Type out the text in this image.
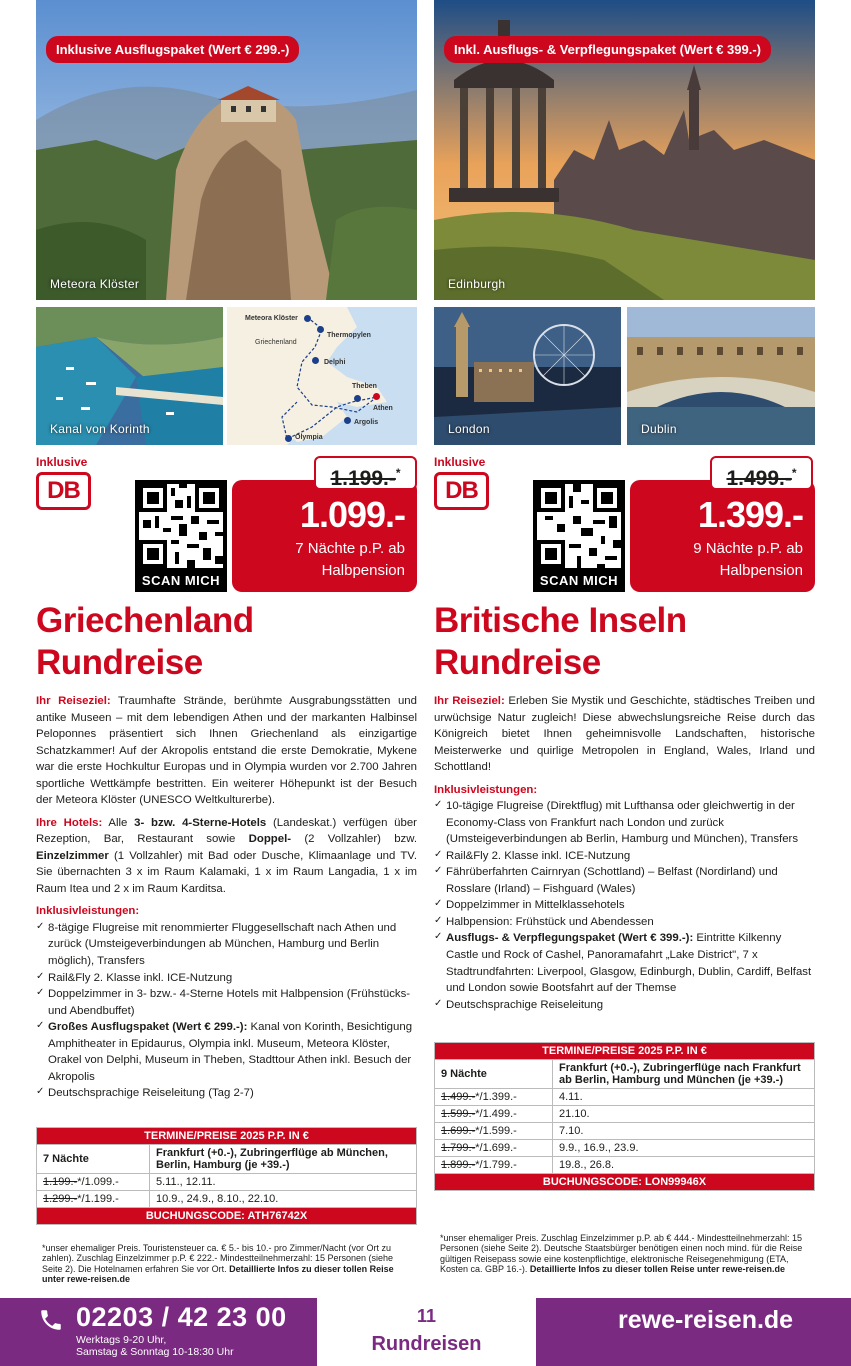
Inklusive Ausflugspaket (Wert € 299.-)
Meteora Klöster
Kanal von Korinth
Meteora Klöster
Thermopylen
Griechenland
Delphi
Theben
Athen
Argolis
Olympia
Inklusive
DB
SCAN MICH
1.099.-
7 Nächte p.P. ab
Halbpension
1.199.-*
Griechenland
Rundreise

Ihr Reiseziel: Traumhafte Strände, berühmte Ausgrabungsstätten und antike Museen – mit dem lebendigen Athen und der markanten Halbinsel Peloponnes präsentiert sich Ihnen Griechenland als einzigartige Schatzkammer! Auf der Akropolis entstand die erste Demokratie, Mykene war die erste Hochkultur Europas und in Olympia wurden vor 2.700 Jahren sportliche Wettkämpfe bestritten. Ein weiterer Höhepunkt ist der Besuch der Meteora Klöster (UNESCO Weltkulturerbe).

Ihre Hotels: Alle 3- bzw. 4-Sterne-Hotels (Landeskat.) verfügen über Rezeption, Bar, Restaurant sowie Doppel- (2 Vollzahler) bzw. Einzelzimmer (1 Vollzahler) mit Bad oder Dusche, Klimaanlage und TV. Sie übernachten 3 x im Raum Kalamaki, 1 x im Raum Langadia, 1 x im Raum Itea und 2 x im Raum Karditsa.

Inklusivleistungen:
✓ 8-tägige Flugreise mit renommierter Fluggesellschaft nach Athen und zurück (Umsteigeverbindungen ab München, Hamburg und Berlin möglich), Transfers
✓ Rail&Fly 2. Klasse inkl. ICE-Nutzung
✓ Doppelzimmer in 3- bzw.- 4-Sterne Hotels mit Halbpension (Frühstücks- und Abendbuffet)
✓ Großes Ausflugspaket (Wert € 299.-): Kanal von Korinth, Besichtigung Amphitheater in Epidaurus, Olympia inkl. Museum, Meteora Klöster, Orakel von Delphi, Museum in Theben, Stadttour Athen inkl. Besuch der Akropolis
✓ Deutschsprachige Reiseleitung (Tag 2-7)
TERMINE/PREISE 2025 P.P. IN €	
7 Nächte	Frankfurt (+0.-), Zubringerflüge ab München, Berlin, Hamburg (je +39.-)
1.199.-*/1.099.-	5.11., 12.11.
1.299.-*/1.199.-	10.9., 24.9., 8.10., 22.10.
BUCHUNGSCODE: ATH76742X	
*unser ehemaliger Preis. Touristensteuer ca. € 5.- bis 10.- pro Zimmer/Nacht (vor Ort zu zahlen). Zuschlag Einzelzimmer p.P. € 222.- Mindestteilnehmerzahl: 15 Personen (siehe Seite 2). Die Hotelnamen erfahren Sie vor Ort. Detaillierte Infos zu dieser tollen Reise unter rewe-reisen.de
Inkl. Ausflugs- & Verpflegungspaket (Wert € 399.-)
Edinburgh
London	Dublin
Inklusive
DB
SCAN MICH
1.399.-
9 Nächte p.P. ab
Halbpension
1.499.-*
Britische Inseln
Rundreise

Ihr Reiseziel: Erleben Sie Mystik und Geschichte, städtisches Treiben und urwüchsige Natur zugleich! Diese abwechslungsreiche Reise durch das Königreich bietet Ihnen geheimnisvolle Landschaften, historische Meisterwerke und quirlige Metropolen in England, Wales, Irland und Schottland!

Inklusivleistungen:
✓ 10-tägige Flugreise (Direktflug) mit Lufthansa oder gleichwertig in der Economy-Class von Frankfurt nach London und zurück (Umsteigeverbindungen ab Berlin, Hamburg und München), Transfers
✓ Rail&Fly 2. Klasse inkl. ICE-Nutzung
✓ Fährüberfahrten Cairnryan (Schottland) – Belfast (Nordirland) und Rosslare (Irland) – Fishguard (Wales)
✓ Doppelzimmer in Mittelklassehotels
✓ Halbpension: Frühstück und Abendessen
✓ Ausflugs- & Verpflegungspaket (Wert € 399.-): Eintritte Kilkenny Castle und Rock of Cashel, Panoramafahrt „Lake District", 7 x Stadtrundfahrten: Liverpool, Glasgow, Edinburgh, Dublin, Cardiff, Belfast und London sowie Bootsfahrt auf der Themse
✓ Deutschsprachige Reiseleitung
TERMINE/PREISE 2025 P.P. IN €	
9 Nächte	Frankfurt (+0.-), Zubringerflüge nach Frankfurt ab Berlin, Hamburg und München (je +39.-)
1.499.-*/1.399.-	4.11.
1.599.-*/1.499.-	21.10.
1.699.-*/1.599.-	7.10.
1.799.-*/1.699.-	9.9., 16.9., 23.9.
1.899.-*/1.799.-	19.8., 26.8.
BUCHUNGSCODE: LON99946X	
*unser ehemaliger Preis. Zuschlag Einzelzimmer p.P. ab € 444.- Mindestteilnehmerzahl: 15 Personen (siehe Seite 2). Deutsche Staatsbürger benötigen einen noch mind. für die Reise gültigen Reisepass sowie eine kostenpflichtige, elektronische Reisegenehmigung (ETA, Kosten ca. GBP 16.-). Detaillierte Infos zu dieser tollen Reise unter rewe-reisen.de
02203 / 42 23 00
Werktags 9-20 Uhr,
Samstag & Sonntag 10-18:30 Uhr
11
Rundreisen
rewe-reisen.de
